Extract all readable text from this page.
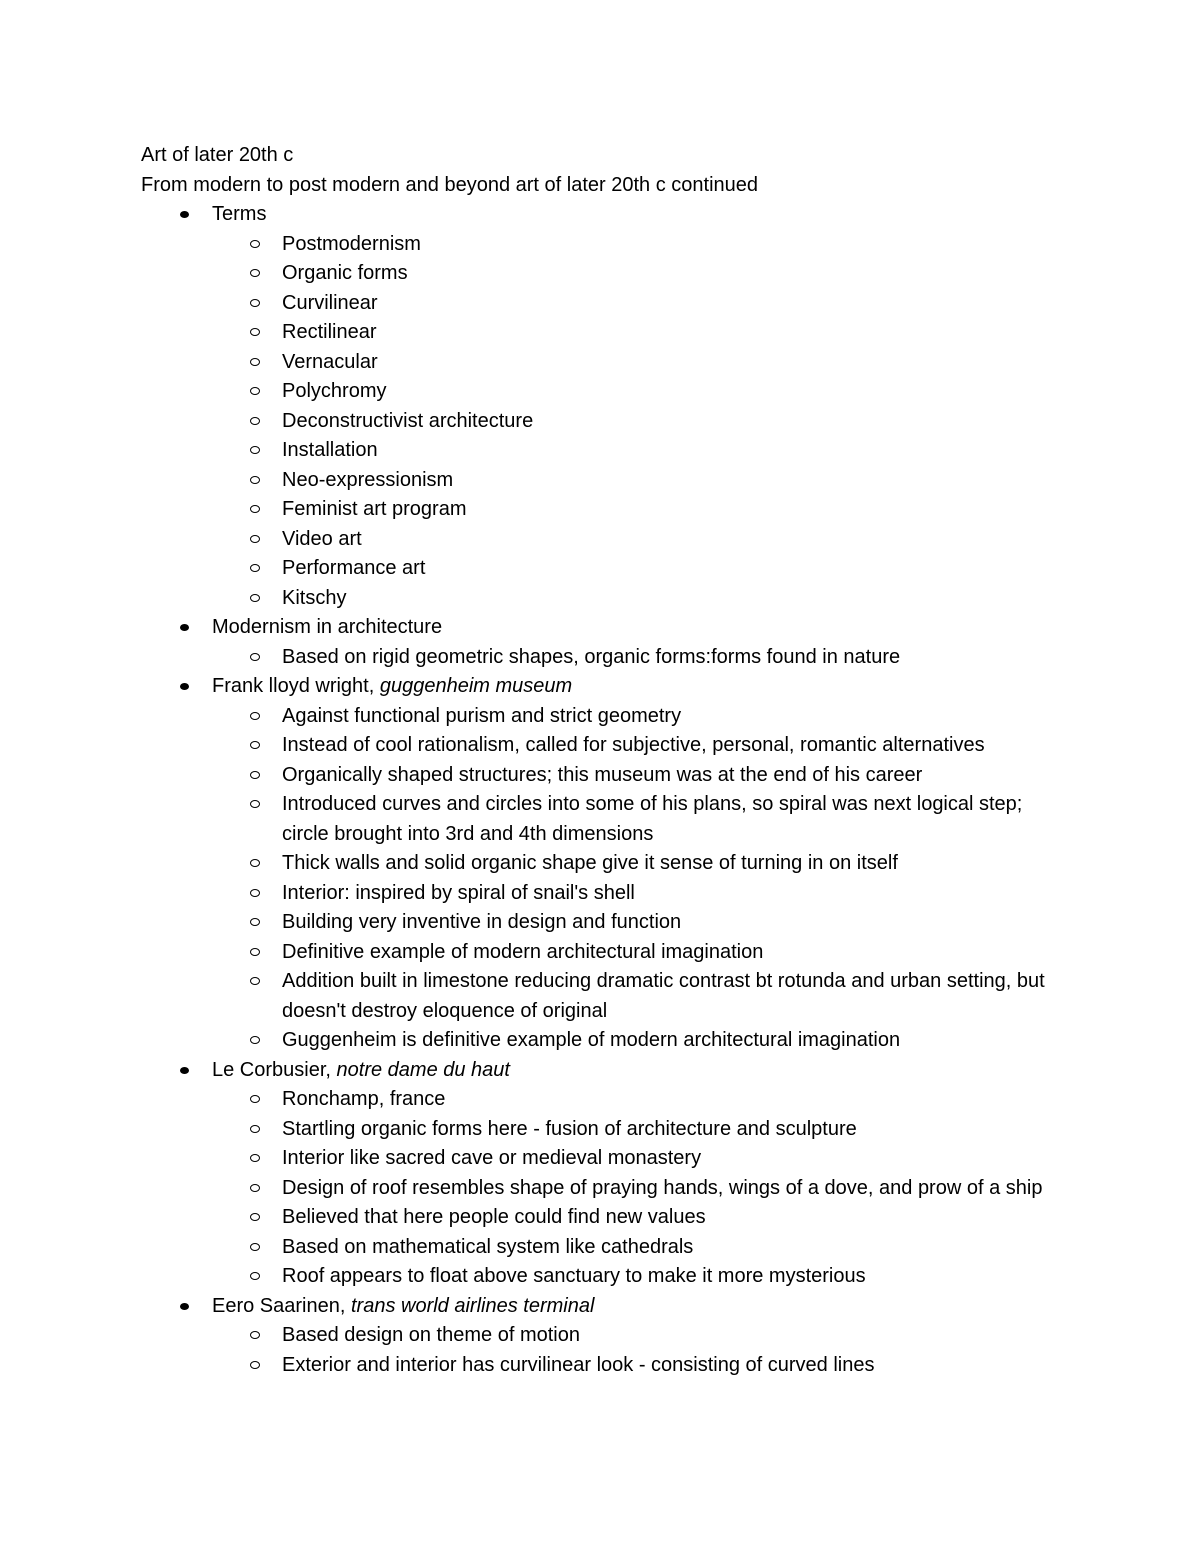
Art of later 20th c

From modern to post modern and beyond art of later 20th c continued

Terms
Postmodernism
Organic forms
Curvilinear
Rectilinear
Vernacular
Polychromy
Deconstructivist architecture
Installation
Neo-expressionism
Feminist art program
Video art
Performance art
Kitschy
Modernism in architecture
Based on rigid geometric shapes, organic forms:forms found in nature
Frank lloyd wright, guggenheim museum
Against functional purism and strict geometry
Instead of cool rationalism, called for subjective, personal, romantic alternatives
Organically shaped structures; this museum was at the end of his career
Introduced curves and circles into some of his plans, so spiral was next logical step; circle brought into 3rd and 4th dimensions
Thick walls and solid organic shape give it sense of turning in on itself
Interior: inspired by spiral of snail's shell
Building very inventive in design and function
Definitive example of modern architectural imagination
Addition built in limestone reducing dramatic contrast bt rotunda and urban setting, but doesn't destroy eloquence of original
Guggenheim is definitive example of modern architectural imagination
Le Corbusier, notre dame du haut
Ronchamp, france
Startling organic forms here - fusion of architecture and sculpture
Interior like sacred cave or medieval monastery
Design of roof resembles shape of praying hands, wings of a dove, and prow of a ship
Believed that here people could find new values
Based on mathematical system like cathedrals
Roof appears to float above sanctuary to make it more mysterious
Eero Saarinen, trans world airlines terminal
Based design on theme of motion
Exterior and interior has curvilinear look - consisting of curved lines
